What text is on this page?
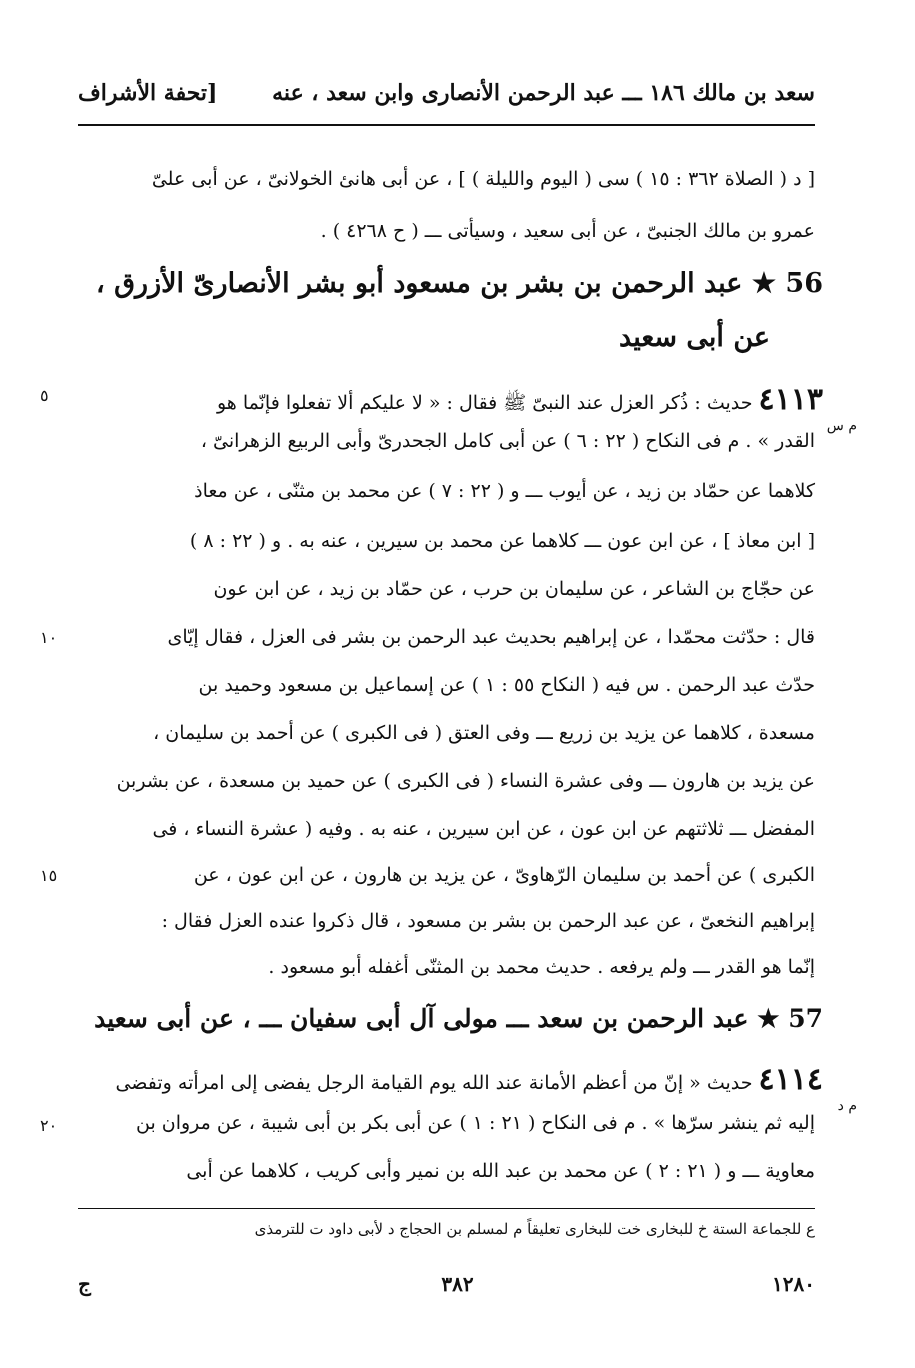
سعد بن مالك ١٨٦ ـــ عبد الرحمن الأنصارى وابن سعد ، عنه
[تحفة الأشراف
[ د ( الصلاة ٣٦٢ : ١٥ ) سى ( اليوم والليلة ) ] ، عن أبى هانئ الخولانىّ ، عن أبى علىّ
عمرو بن مالك الجنبىّ ، عن أبى سعيد ، وسيأتى ـــ ( ح ٤٢٦٨ ) .
56 ★ عبد الرحمن بن بشر بن مسعود أبو بشر الأنصارىّ الأزرق ،
عن أبى سعيد
٤١١٣ حديث : ذُكر العزل عند النبىّ ﷺ فقال : « لا عليكم ألا تفعلوا فإنّما هو
م س
القدر » . م فى النكاح ( ٢٢ : ٦ ) عن أبى كامل الجحدرىّ وأبى الربيع الزهرانىّ ،
كلاهما عن حمّاد بن زيد ، عن أيوب ـــ و ( ٢٢ : ٧ ) عن محمد بن مثنّى ، عن معاذ
[ ابن معاذ ] ، عن ابن عون ـــ كلاهما عن محمد بن سيرين ، عنه به . و ( ٢٢ : ٨ )
عن حجّاج بن الشاعر ، عن سليمان بن حرب ، عن حمّاد بن زيد ، عن ابن عون
قال : حدّثت محمّدا ، عن إبراهيم بحديث عبد الرحمن بن بشر فى العزل ، فقال إيّاى
حدّث عبد الرحمن . س فيه ( النكاح ٥٥ : ١ ) عن إسماعيل بن مسعود وحميد بن
مسعدة ، كلاهما عن يزيد بن زريع ـــ وفى العتق ( فى الكبرى ) عن أحمد بن سليمان ،
عن يزيد بن هارون ـــ وفى عشرة النساء ( فى الكبرى ) عن حميد بن مسعدة ، عن بشربن
المفضل ـــ ثلاثتهم عن ابن عون ، عن ابن سيرين ، عنه به . وفيه ( عشرة النساء ، فى
الكبرى ) عن أحمد بن سليمان الرّهاوىّ ، عن يزيد بن هارون ، عن ابن عون ، عن
إبراهيم النخعىّ ، عن عبد الرحمن بن بشر بن مسعود ، قال ذكروا عنده العزل فقال :
إنّما هو القدر ـــ ولم يرفعه . حديث محمد بن المثنّى أغفله أبو مسعود .
٥
١٠
١٥
٢٠
57 ★ عبد الرحمن بن سعد ـــ مولى آل أبى سفيان ـــ ، عن أبى سعيد
٤١١٤ حديث « إنّ من أعظم الأمانة عند الله يوم القيامة الرجل يفضى إلى امرأته وتفضى
م د
إليه ثم ينشر سرّها » . م فى النكاح ( ٢١ : ١ ) عن أبى بكر بن أبى شيبة ، عن مروان بن
معاوية ـــ و ( ٢١ : ٢ ) عن محمد بن عبد الله بن نمير وأبى كريب ، كلاهما عن أبى
ع للجماعة الستة خ للبخارى خت للبخارى تعليقاً م لمسلم بن الحجاج د لأبى داود ت للترمذى
١٢٨٠
٣٨٢
ج
